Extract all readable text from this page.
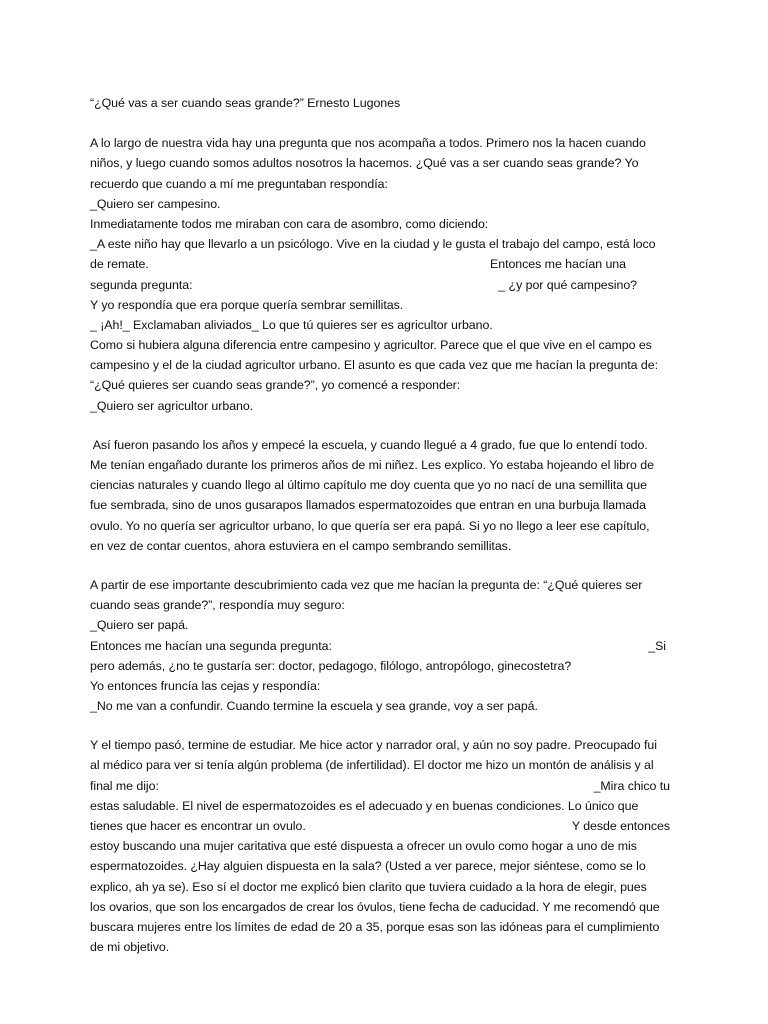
“¿Qué vas a ser cuando seas grande?” Ernesto Lugones
A lo largo de nuestra vida hay una pregunta que nos acompaña a todos. Primero nos la hacen cuando
niños, y luego cuando somos adultos nosotros la hacemos. ¿Qué vas a ser cuando seas grande? Yo
recuerdo que cuando a mí me preguntaban respondía:
_Quiero ser campesino.
Inmediatamente todos me miraban con cara de asombro, como diciendo:
_A este niño hay que llevarlo a un psicólogo. Vive en la ciudad y le gusta el trabajo del campo, está loco
de remate.	Entonces me hacían una
segunda pregunta:	_ ¿y por qué campesino?
Y yo respondía que era porque quería sembrar semillitas.
_ ¡Ah!_ Exclamaban aliviados_ Lo que tú quieres ser es agricultor urbano.
Como si hubiera alguna diferencia entre campesino y agricultor. Parece que el que vive en el campo es
campesino y el de la ciudad agricultor urbano. El asunto es que cada vez que me hacían la pregunta de:
“¿Qué quieres ser cuando seas grande?”, yo comencé a responder:
_Quiero ser agricultor urbano.
Así fueron pasando los años y empecé la escuela, y cuando llegué a 4 grado, fue que lo entendí todo.
Me tenían engañado durante los primeros años de mi niñez. Les explico. Yo estaba hojeando el libro de
ciencias naturales y cuando llego al último capítulo me doy cuenta que yo no nací de una semillita que
fue sembrada, sino de unos gusarapos llamados espermatozoides que entran en una burbuja llamada
ovulo. Yo no quería ser agricultor urbano, lo que quería ser era papá. Si yo no llego a leer ese capítulo,
en vez de contar cuentos, ahora estuviera en el campo sembrando semillitas.
A partir de ese importante descubrimiento cada vez que me hacían la pregunta de: “¿Qué quieres ser
cuando seas grande?”, respondía muy seguro:
_Quiero ser papá.
Entonces me hacían una segunda pregunta:	_Si
pero además, ¿no te gustaría ser: doctor, pedagogo, filólogo, antropólogo, ginecostetra?
Yo entonces fruncía las cejas y respondía:
_No me van a confundir. Cuando termine la escuela y sea grande, voy a ser papá.
Y el tiempo pasó, termine de estudiar. Me hice actor y narrador oral, y aún no soy padre. Preocupado fui
al médico para ver si tenía algún problema (de infertilidad). El doctor me hizo un montón de análisis y al
final me dijo:	_Mira chico tu
estas saludable. El nivel de espermatozoides es el adecuado y en buenas condiciones. Lo único que
tienes que hacer es encontrar un ovulo.	Y desde entonces
estoy buscando una mujer caritativa que esté dispuesta a ofrecer un ovulo como hogar a uno de mis
espermatozoides. ¿Hay alguien dispuesta en la sala? (Usted a ver parece, mejor siéntese, como se lo
explico, ah ya se). Eso sí el doctor me explicó bien clarito que tuviera cuidado a la hora de elegir, pues
los ovarios, que son los encargados de crear los óvulos, tiene fecha de caducidad. Y me recomendó que
buscara mujeres entre los límites de edad de 20 a 35, porque esas son las idóneas para el cumplimiento
de mi objetivo.
